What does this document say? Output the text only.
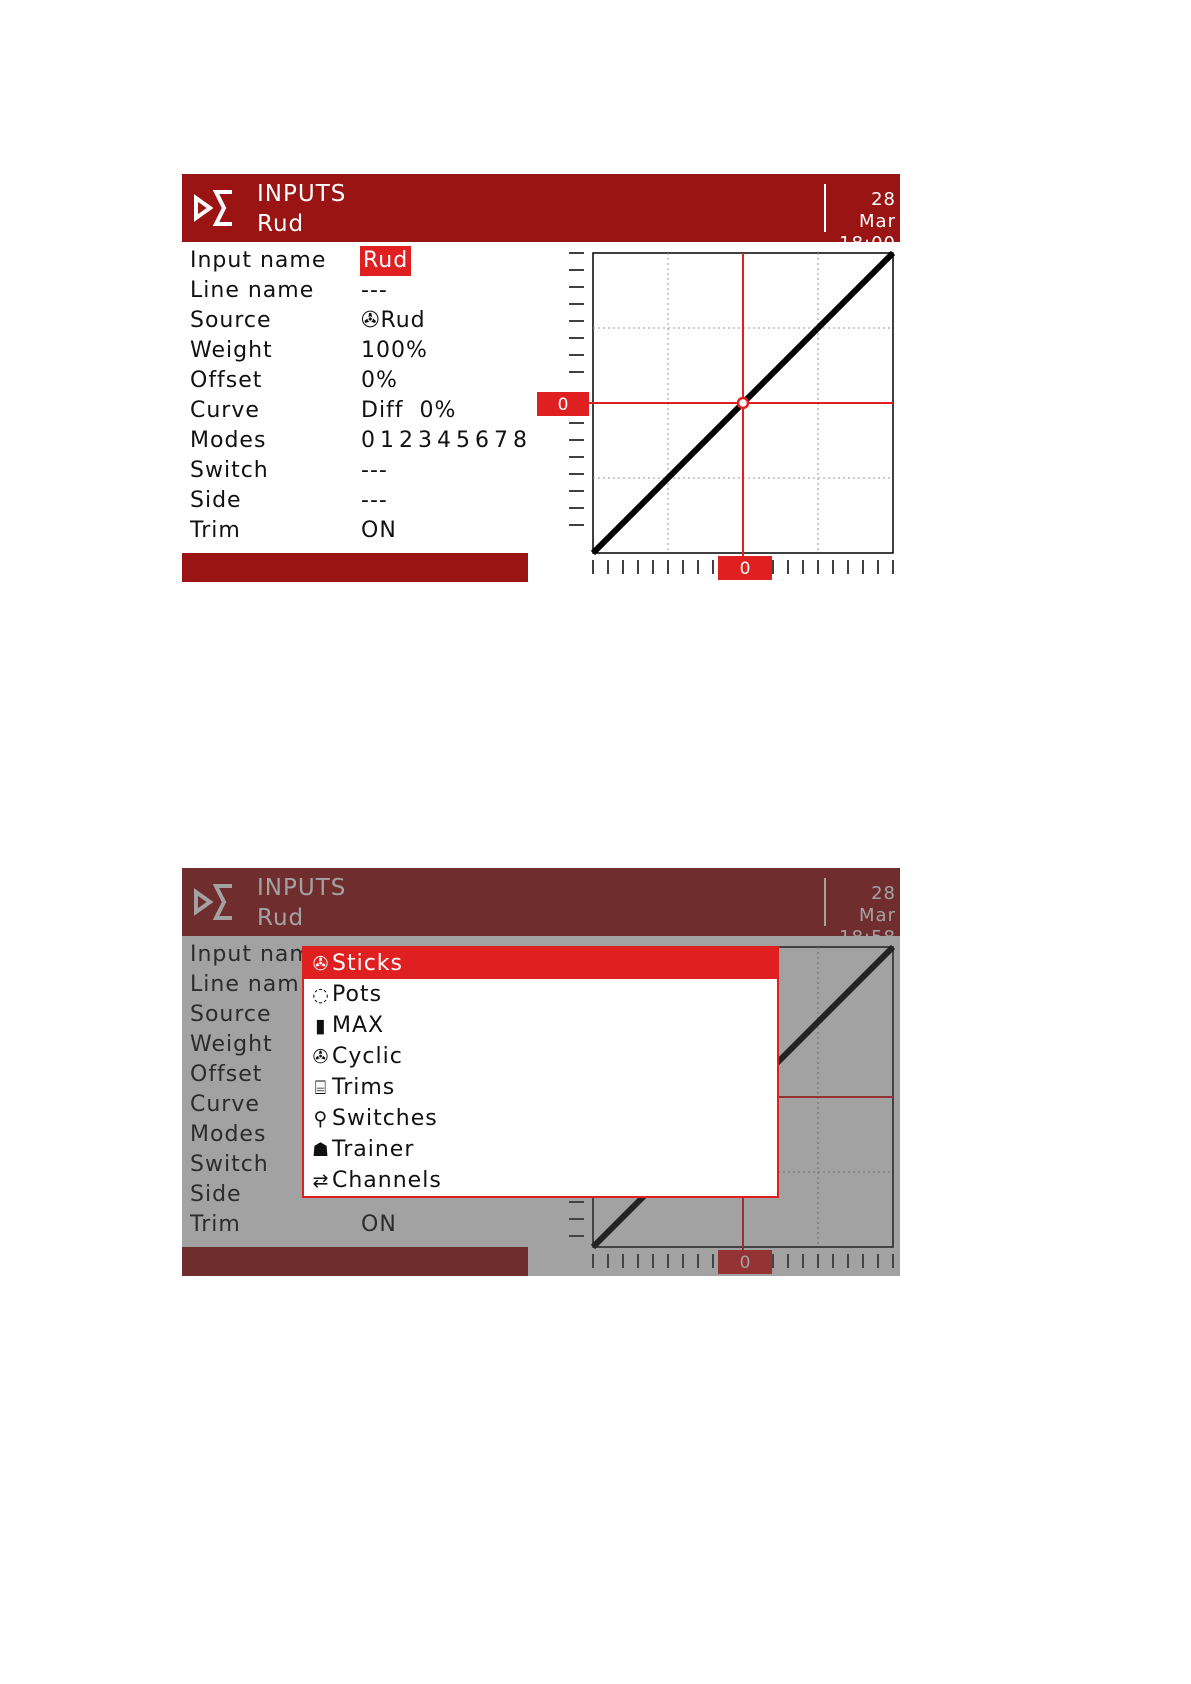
INPUTS
Rud
28 Mar
18:00
Input name Rud
Line name ---
Source	✇Rud
Weight	100%
Offset	0%
Curve	Diff  0%
Modes	012345678
Switch	---
Side	---
Trim	ON
0
0
✇ Sticks
◌ Pots
▮ MAX
✇ Cyclic
⌸ Trims
⚲ Switches
☗Trainer
⇄ Channels
